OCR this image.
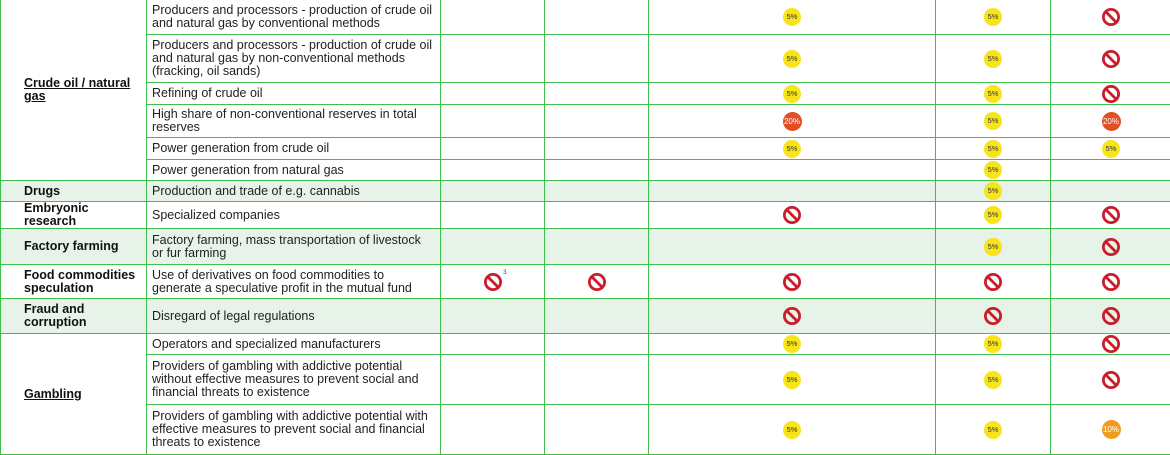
Crude oil / natural gas	Producers and processors - production of crude oil and natural gas by conventional methods			5%	5%	

	Producers and processors - production of crude oil and natural gas by non-conventional methods (fracking, oil sands)			5%	5%	

	Refining of crude oil			5%	5%	

	High share of non-conventional reserves in total reserves			20%	5%	20%
	Power generation from crude oil			5%	5%	5%
	Power generation from natural gas				5%	
Drugs	Production and trade of e.g. cannabis				5%	
Embryonic research	Specialized companies				5%	

Factory farming	Factory farming, mass transportation of livestock or fur farming				5%	

Food commodities speculation	Use of derivatives on food commodities to generate a speculative profit in the mutual fund	3

Fraud and corruption	Disregard of legal regulations			

Gambling	Operators and specialized manufacturers			5%	5%	

	Providers of gambling with addictive potential without effective measures to prevent social and financial threats to existence			5%	5%	

	Providers of gambling with addictive potential with effective measures to prevent social and financial threats to existence			5%	5%	10%
